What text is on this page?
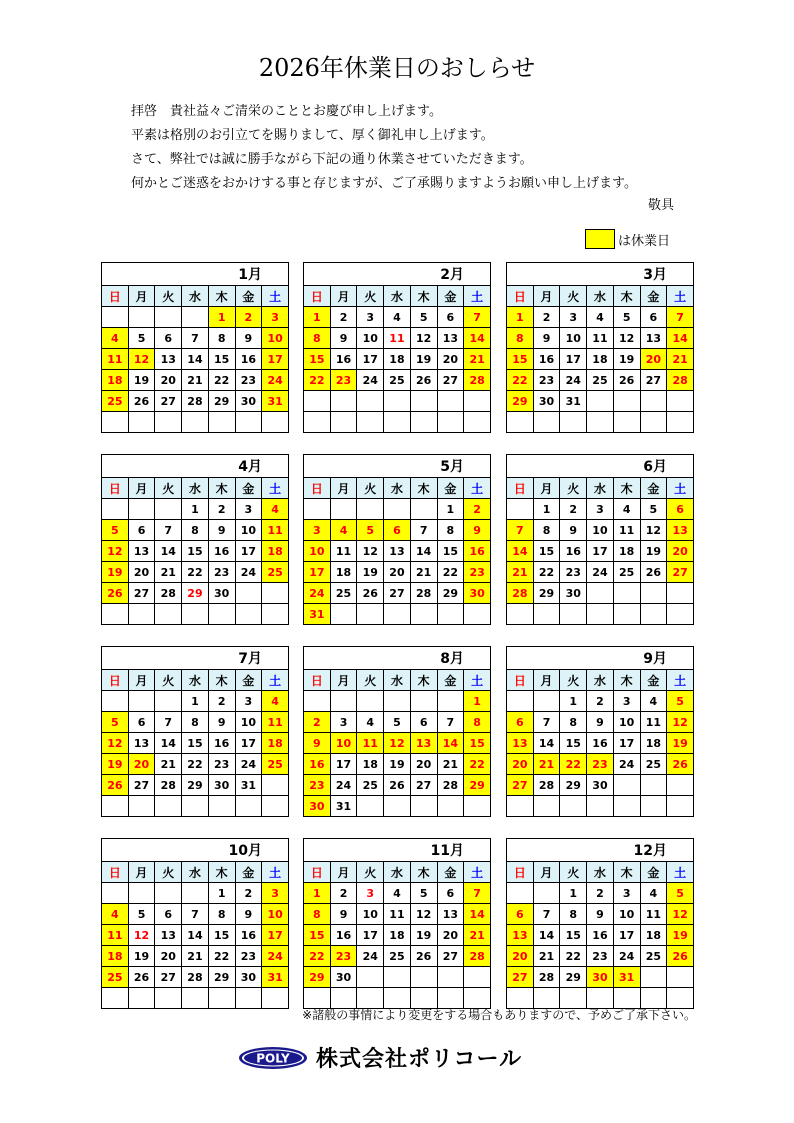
2026年休業日のおしらせ
拝啓　貴社益々ご清栄のこととお慶び申し上げます。
平素は格別のお引立てを賜りまして、厚く御礼申し上げます。
さて、弊社では誠に勝手ながら下記の通り休業させていただきます。
何かとご迷惑をおかけする事と存じますが、ご了承賜りますようお願い申し上げます。
敬具
は休業日
1月						
日	月	火	水	木	金	土
				1	2	3
4	5	6	7	8	9	10
11	12	13	14	15	16	17
18	19	20	21	22	23	24
25	26	27	28	29	30	31

2月						
日	月	火	水	木	金	土
1	2	3	4	5	6	7
8	9	10	11	12	13	14
15	16	17	18	19	20	21
22	23	24	25	26	27	28

3月						
日	月	火	水	木	金	土
1	2	3	4	5	6	7
8	9	10	11	12	13	14
15	16	17	18	19	20	21
22	23	24	25	26	27	28
29	30	31				

4月						
日	月	火	水	木	金	土
			1	2	3	4
5	6	7	8	9	10	11
12	13	14	15	16	17	18
19	20	21	22	23	24	25
26	27	28	29	30		

5月						
日	月	火	水	木	金	土
					1	2
3	4	5	6	7	8	9
10	11	12	13	14	15	16
17	18	19	20	21	22	23
24	25	26	27	28	29	30
31						
6月						
日	月	火	水	木	金	土
	1	2	3	4	5	6
7	8	9	10	11	12	13
14	15	16	17	18	19	20
21	22	23	24	25	26	27
28	29	30				

7月						
日	月	火	水	木	金	土
			1	2	3	4
5	6	7	8	9	10	11
12	13	14	15	16	17	18
19	20	21	22	23	24	25
26	27	28	29	30	31	

8月						
日	月	火	水	木	金	土
						1
2	3	4	5	6	7	8
9	10	11	12	13	14	15
16	17	18	19	20	21	22
23	24	25	26	27	28	29
30	31					
9月						
日	月	火	水	木	金	土
		1	2	3	4	5
6	7	8	9	10	11	12
13	14	15	16	17	18	19
20	21	22	23	24	25	26
27	28	29	30			

10月						
日	月	火	水	木	金	土
				1	2	3
4	5	6	7	8	9	10
11	12	13	14	15	16	17
18	19	20	21	22	23	24
25	26	27	28	29	30	31

11月						
日	月	火	水	木	金	土
1	2	3	4	5	6	7
8	9	10	11	12	13	14
15	16	17	18	19	20	21
22	23	24	25	26	27	28
29	30					

12月						
日	月	火	水	木	金	土
		1	2	3	4	5
6	7	8	9	10	11	12
13	14	15	16	17	18	19
20	21	22	23	24	25	26
27	28	29	30	31		

※諸般の事情により変更をする場合もありますので、予めご了承下さい。
POLY 株式会社ポリコール
